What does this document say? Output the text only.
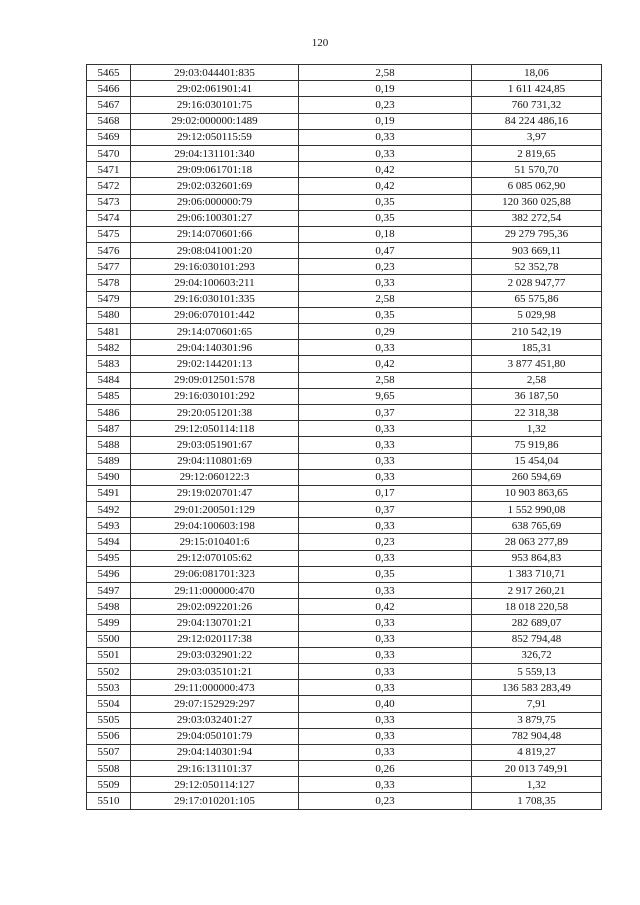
120
5465	29:03:044401:835	2,58	18,06
5466	29:02:061901:41	0,19	1 611 424,85
5467	29:16:030101:75	0,23	760 731,32
5468	29:02:000000:1489	0,19	84 224 486,16
5469	29:12:050115:59	0,33	3,97
5470	29:04:131101:340	0,33	2 819,65
5471	29:09:061701:18	0,42	51 570,70
5472	29:02:032601:69	0,42	6 085 062,90
5473	29:06:000000:79	0,35	120 360 025,88
5474	29:06:100301:27	0,35	382 272,54
5475	29:14:070601:66	0,18	29 279 795,36
5476	29:08:041001:20	0,47	903 669,11
5477	29:16:030101:293	0,23	52 352,78
5478	29:04:100603:211	0,33	2 028 947,77
5479	29:16:030101:335	2,58	65 575,86
5480	29:06:070101:442	0,35	5 029,98
5481	29:14:070601:65	0,29	210 542,19
5482	29:04:140301:96	0,33	185,31
5483	29:02:144201:13	0,42	3 877 451,80
5484	29:09:012501:578	2,58	2,58
5485	29:16:030101:292	9,65	36 187,50
5486	29:20:051201:38	0,37	22 318,38
5487	29:12:050114:118	0,33	1,32
5488	29:03:051901:67	0,33	75 919,86
5489	29:04:110801:69	0,33	15 454,04
5490	29:12:060122:3	0,33	260 594,69
5491	29:19:020701:47	0,17	10 903 863,65
5492	29:01:200501:129	0,37	1 552 990,08
5493	29:04:100603:198	0,33	638 765,69
5494	29:15:010401:6	0,23	28 063 277,89
5495	29:12:070105:62	0,33	953 864,83
5496	29:06:081701:323	0,35	1 383 710,71
5497	29:11:000000:470	0,33	2 917 260,21
5498	29:02:092201:26	0,42	18 018 220,58
5499	29:04:130701:21	0,33	282 689,07
5500	29:12:020117:38	0,33	852 794,48
5501	29:03:032901:22	0,33	326,72
5502	29:03:035101:21	0,33	5 559,13
5503	29:11:000000:473	0,33	136 583 283,49
5504	29:07:152929:297	0,40	7,91
5505	29:03:032401:27	0,33	3 879,75
5506	29:04:050101:79	0,33	782 904,48
5507	29:04:140301:94	0,33	4 819,27
5508	29:16:131101:37	0,26	20 013 749,91
5509	29:12:050114:127	0,33	1,32
5510	29:17:010201:105	0,23	1 708,35
